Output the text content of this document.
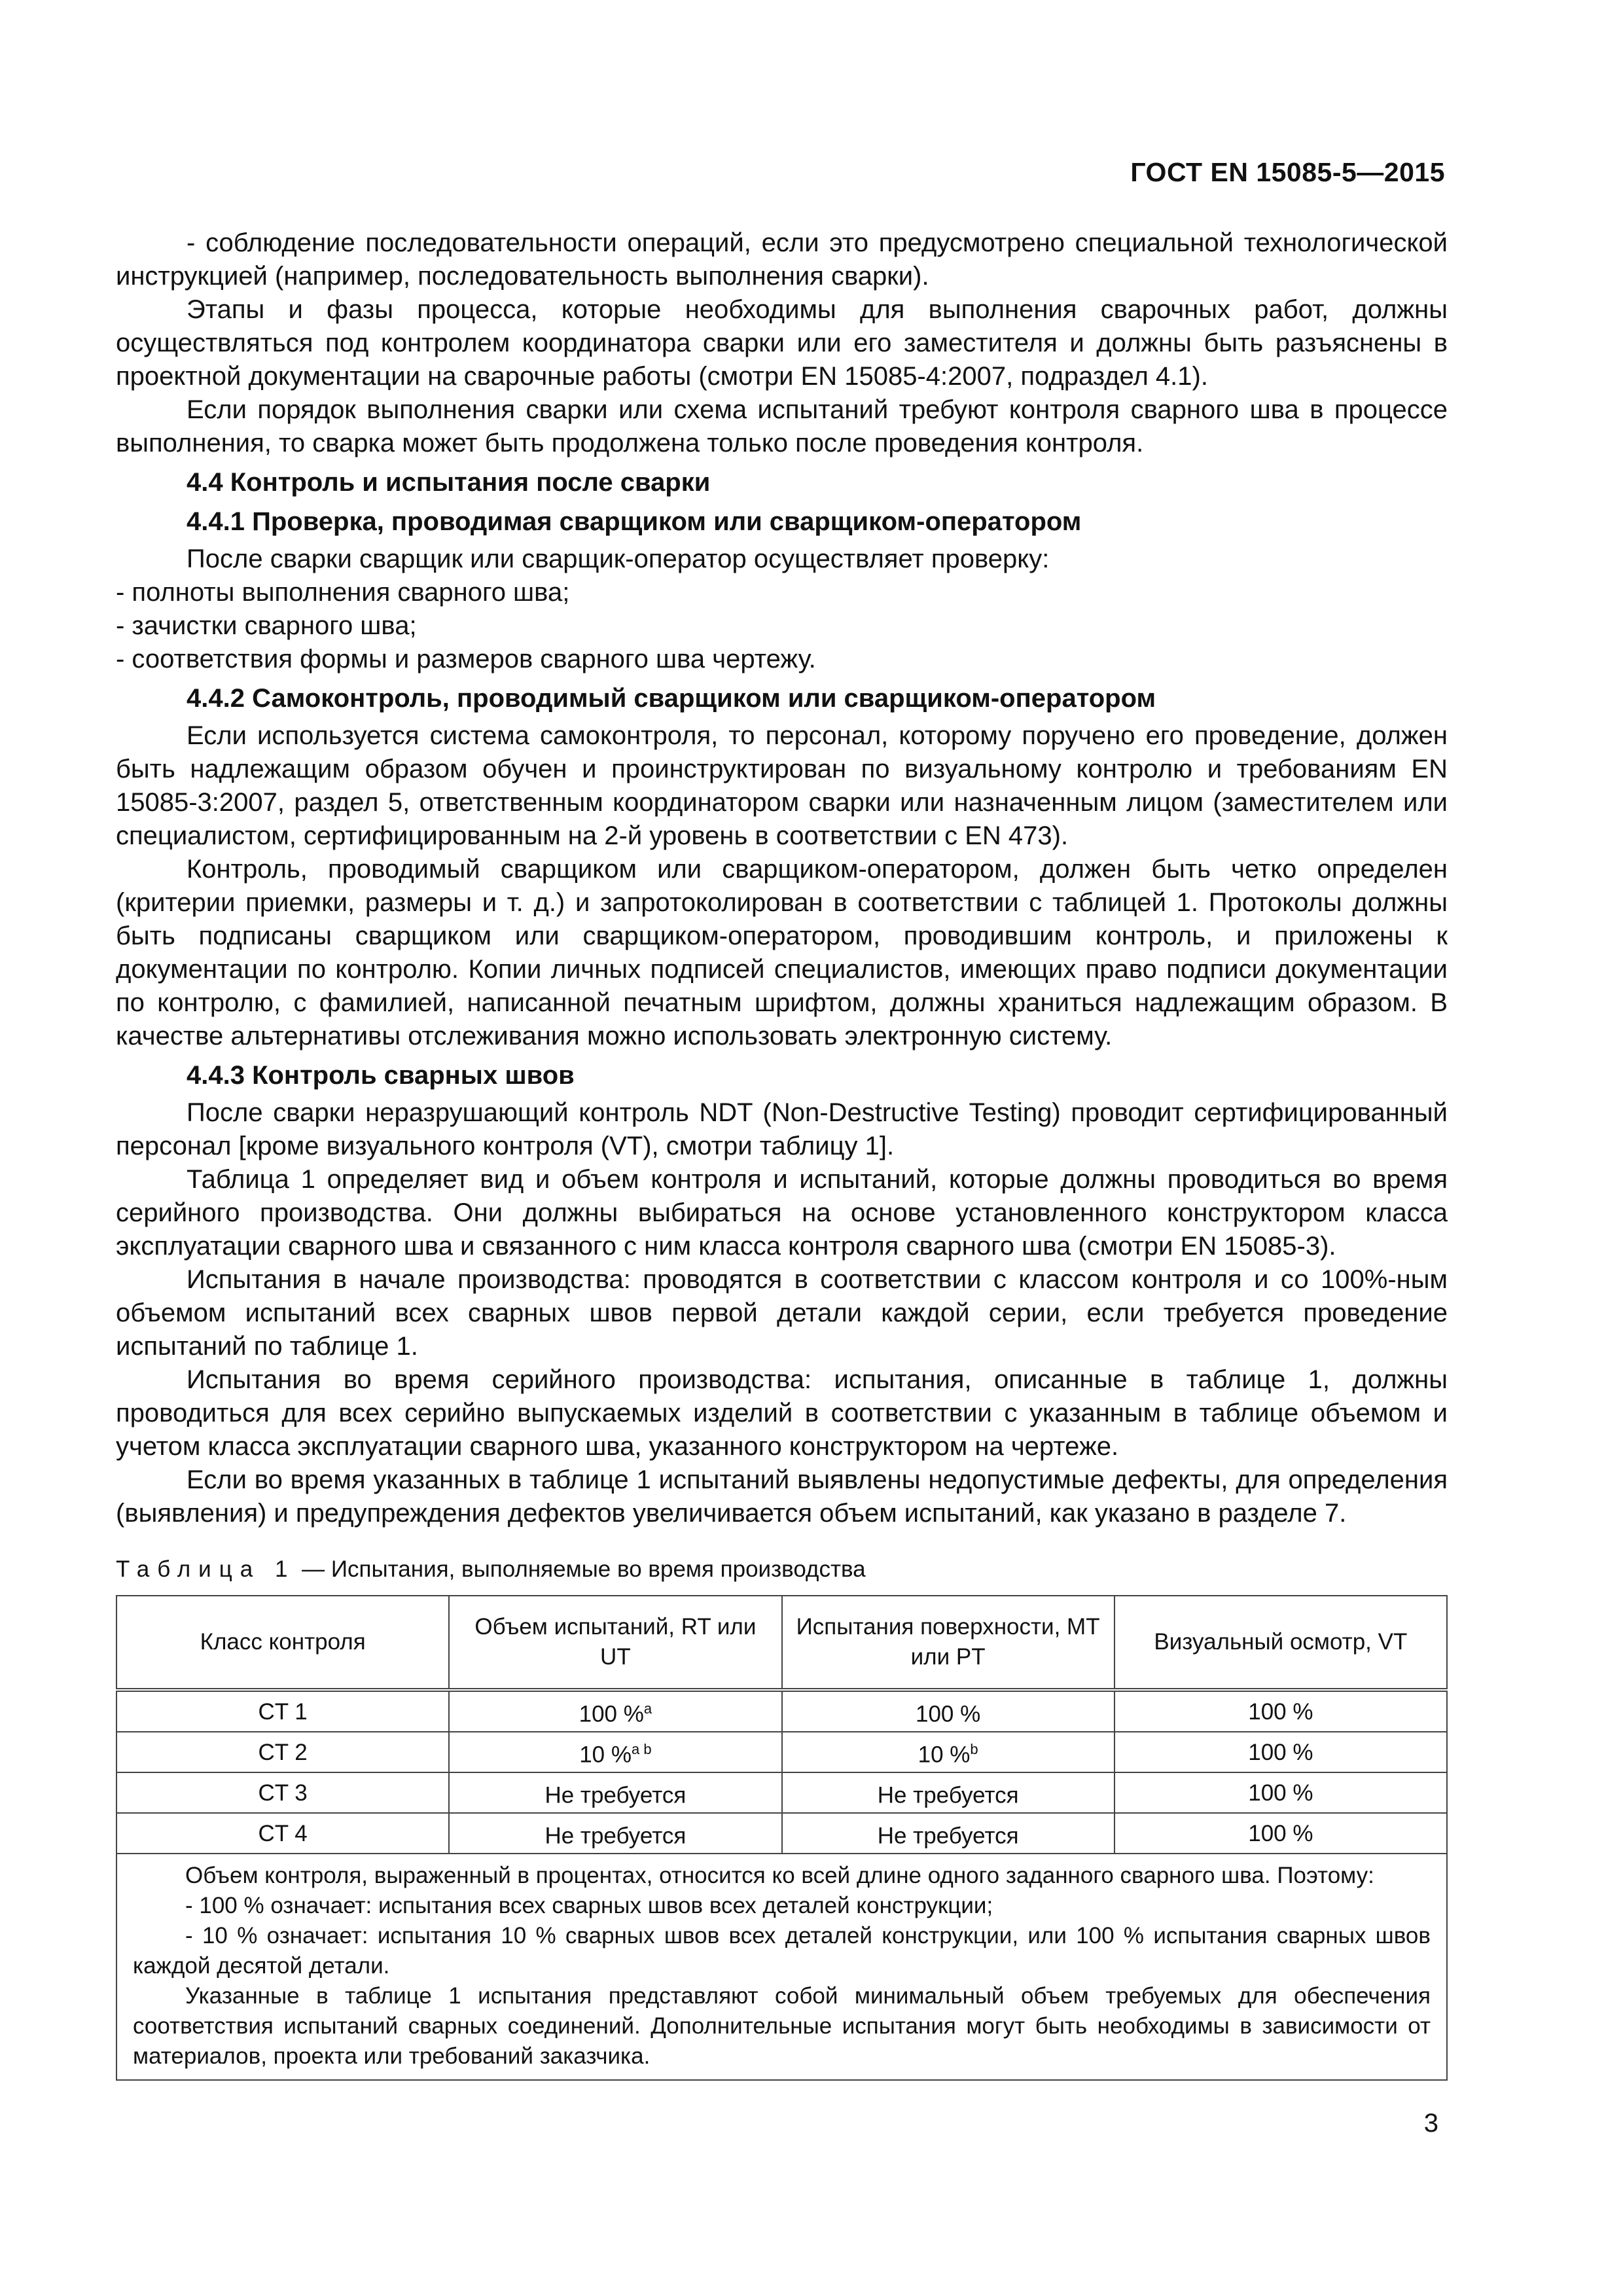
ГОСТ EN 15085-5—2015

- соблюдение последовательности операций, если это предусмотрено специальной технологической инструкцией (например, последовательность выполнения сварки).

Этапы и фазы процесса, которые необходимы для выполнения сварочных работ, должны осуществляться под контролем координатора сварки или его заместителя и должны быть разъяснены в проектной документации на сварочные работы (смотри EN 15085-4:2007, подраздел 4.1).

Если порядок выполнения сварки или схема испытаний требуют контроля сварного шва в процессе выполнения, то сварка может быть продолжена только после проведения контроля.

4.4 Контроль и испытания после сварки
4.4.1 Проверка, проводимая сварщиком или сварщиком-оператором

После сварки сварщик или сварщик-оператор осуществляет проверку:

- полноты выполнения сварного шва;

- зачистки сварного шва;

- соответствия формы и размеров сварного шва чертежу.

4.4.2 Самоконтроль, проводимый сварщиком или сварщиком-оператором

Если используется система самоконтроля, то персонал, которому поручено его проведение, должен быть надлежащим образом обучен и проинструктирован по визуальному контролю и требованиям EN 15085-3:2007, раздел 5, ответственным координатором сварки или назначенным лицом (заместителем или специалистом, сертифицированным на 2-й уровень в соответствии с EN 473).

Контроль, проводимый сварщиком или сварщиком-оператором, должен быть четко определен (критерии приемки, размеры и т. д.) и запротоколирован в соответствии с таблицей 1. Протоколы должны быть подписаны сварщиком или сварщиком-оператором, проводившим контроль, и приложены к документации по контролю. Копии личных подписей специалистов, имеющих право подписи документации по контролю, с фамилией, написанной печатным шрифтом, должны храниться надлежащим образом. В качестве альтернативы отслеживания можно использовать электронную систему.

4.4.3 Контроль сварных швов

После сварки неразрушающий контроль NDT (Non-Destructive Testing) проводит сертифицированный персонал [кроме визуального контроля (VT), смотри таблицу 1].

Таблица 1 определяет вид и объем контроля и испытаний, которые должны проводиться во время серийного производства. Они должны выбираться на основе установленного конструктором класса эксплуатации сварного шва и связанного с ним класса контроля сварного шва (смотри EN 15085-3).

Испытания в начале производства: проводятся в соответствии с классом контроля и со 100%-ным объемом испытаний всех сварных швов первой детали каждой серии, если требуется проведение испытаний по таблице 1.

Испытания во время серийного производства: испытания, описанные в таблице 1, должны проводиться для всех серийно выпускаемых изделий в соответствии с указанным в таблице объемом и учетом класса эксплуатации сварного шва, указанного конструктором на чертеже.

Если во время указанных в таблице 1 испытаний выявлены недопустимые дефекты, для определения (выявления) и предупреждения дефектов увеличивается объем испытаний, как указано в разделе 7.

Таблица 1 — Испытания, выполняемые во время производства
Класс контроля	Объем испытаний, RT или UT	Испытания поверхности, MT или PT	Визуальный осмотр, VT
CT 1	100 %$^a$	100 %	100 %
CT 2	10 %$^{a b}$	10 %$^b$	100 %
CT 3	Не требуется	Не требуется	100 %
CT 4	Не требуется	Не требуется	100 %

Объем контроля, выраженный в процентах, относится ко всей длине одного заданного сварного шва. Поэтому:

- 100 % означает: испытания всех сварных швов всех деталей конструкции;

- 10 % означает: испытания 10 % сварных швов всех деталей конструкции, или 100 % испытания сварных швов каждой десятой детали.

Указанные в таблице 1 испытания представляют собой минимальный объем требуемых для обеспечения соответствия испытаний сварных соединений. Дополнительные испытания могут быть необходимы в зависимости от материалов, проекта или требований заказчика.			

3
